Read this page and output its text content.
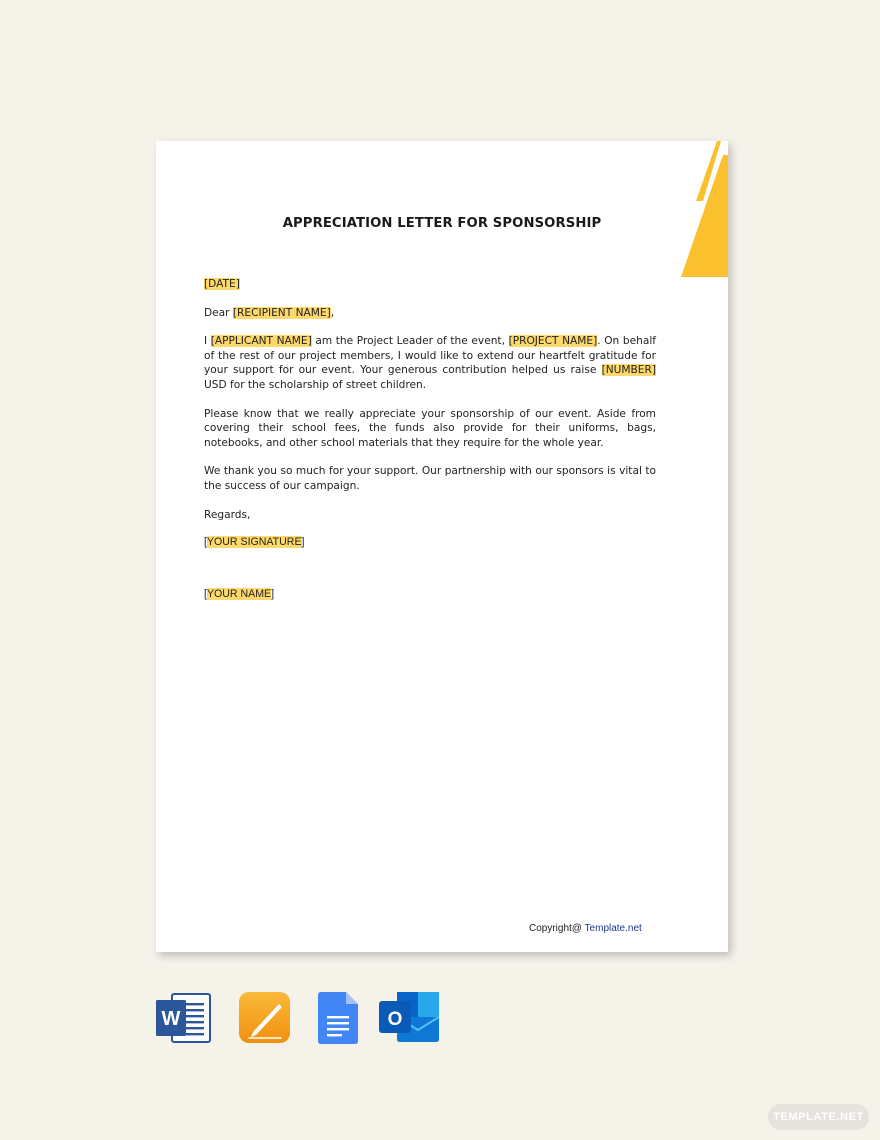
APPRECIATION LETTER FOR SPONSORSHIP

[DATE]

Dear [RECIPIENT NAME],

I [APPLICANT NAME] am the Project Leader of the event, [PROJECT NAME]. On behalf of the rest of our project members, I would like to extend our heartfelt gratitude for your support for our event. Your generous contribution helped us raise [NUMBER] USD for the scholarship of street children.

Please know that we really appreciate your sponsorship of our event. Aside from covering their school fees, the funds also provide for their uniforms, bags, notebooks, and other school materials that they require for the whole year.

We thank you so much for your support. Our partnership with our sponsors is vital to the success of our campaign.

Regards,

[YOUR SIGNATURE]

[YOUR NAME]

Copyright@ Template.net
W	O
TEMPLATE.NET
